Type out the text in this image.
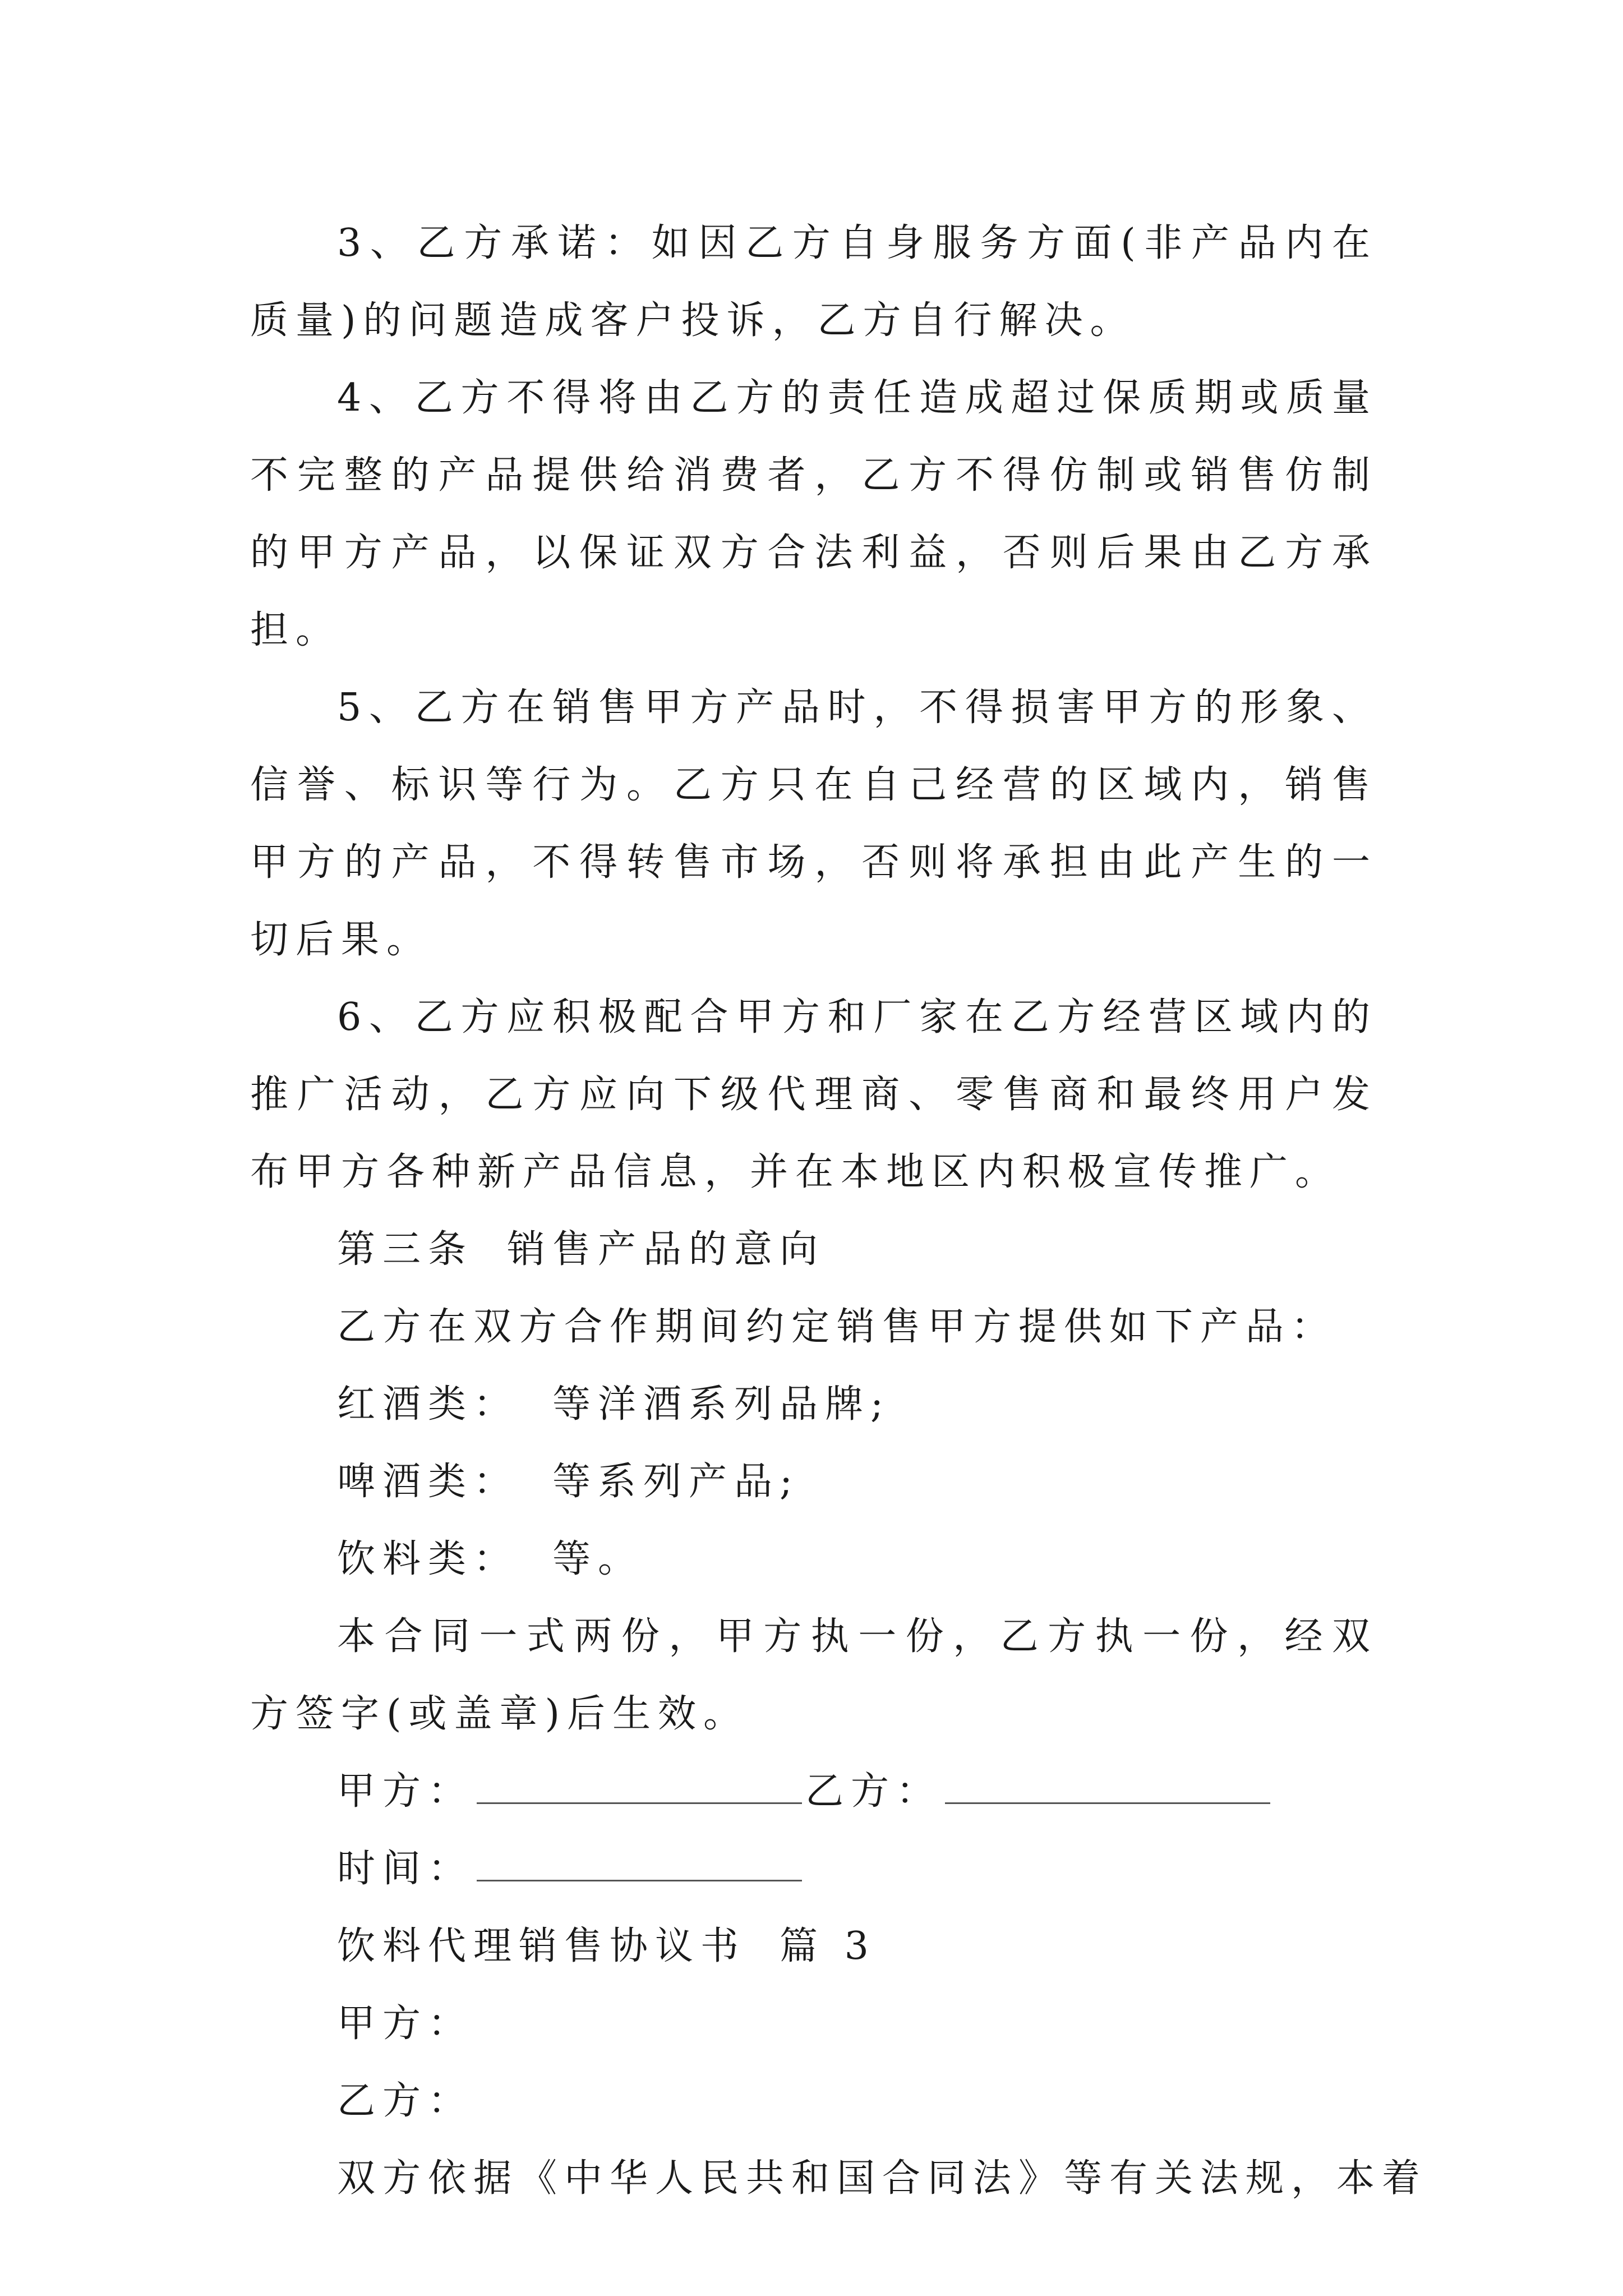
3、乙方承诺：如因乙方自身服务方面(非产品内在质量)的问题造成客户投诉，乙方自行解决。

4、乙方不得将由乙方的责任造成超过保质期或质量不完整的产品提供给消费者，乙方不得仿制或销售仿制的甲方产品，以保证双方合法利益，否则后果由乙方承担。

5、乙方在销售甲方产品时，不得损害甲方的形象、信誉、标识等行为。乙方只在自己经营的区域内，销售甲方的产品，不得转售市场，否则将承担由此产生的一切后果。

6、乙方应积极配合甲方和厂家在乙方经营区域内的推广活动，乙方应向下级代理商、零售商和最终用户发布甲方各种新产品信息，并在本地区内积极宣传推广。

第三条 销售产品的意向

乙方在双方合作期间约定销售甲方提供如下产品：

红酒类： 等洋酒系列品牌;

啤酒类： 等系列产品;

饮料类： 等。

本合同一式两份，甲方执一份，乙方执一份，经双方签字(或盖章)后生效。

甲方：	乙方：

时间：

饮料代理销售协议书 篇 3

甲方：

乙方：

双方依据《中华人民共和国合同法》等有关法规，本着
